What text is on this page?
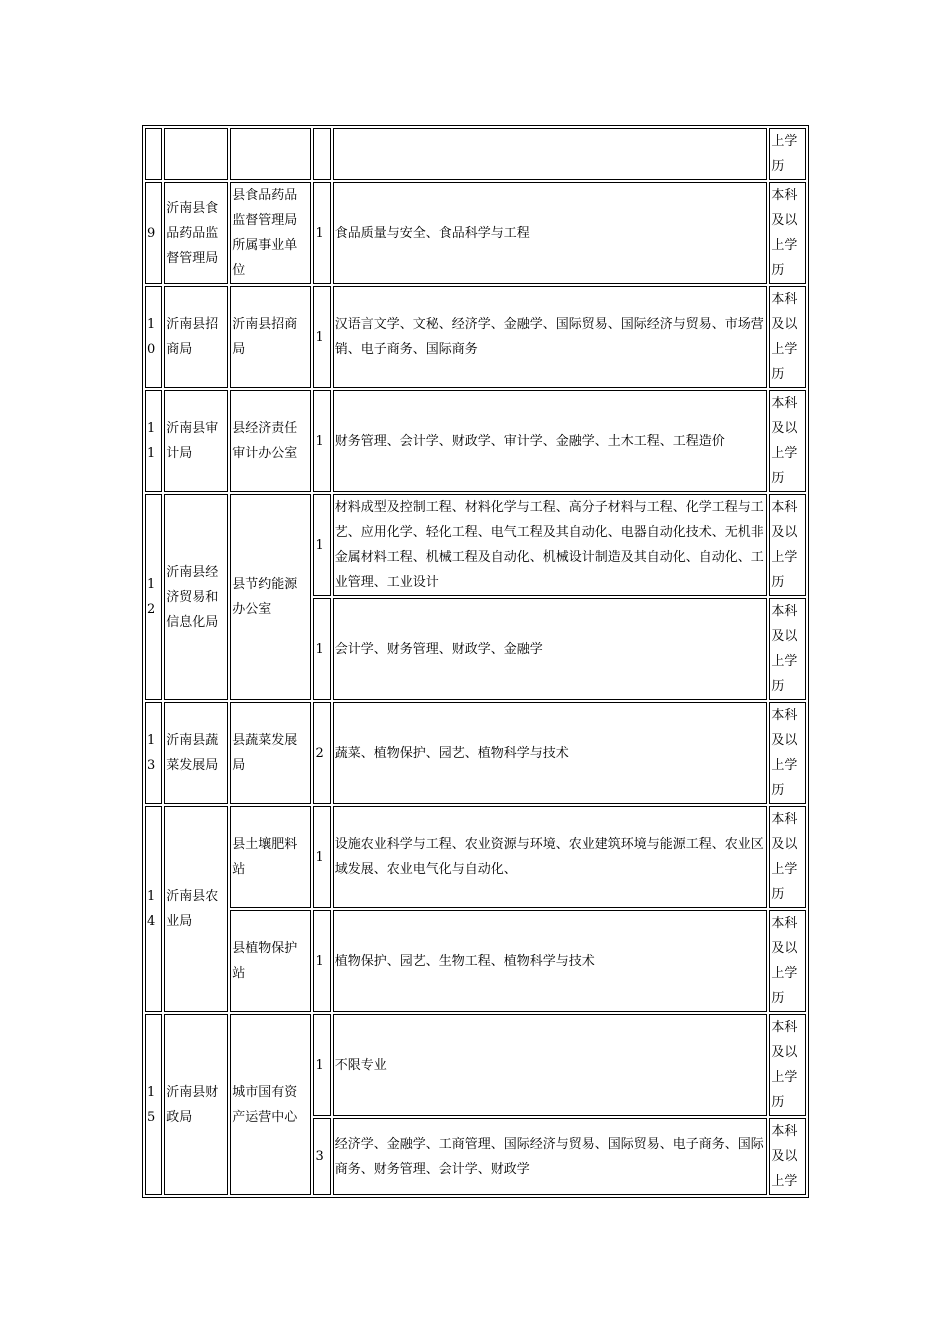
					上学历
9	沂南县食品药品监督管理局	县食品药品监督管理局所属事业单位	1	食品质量与安全、食品科学与工程	本科及以上学历
10	沂南县招商局	沂南县招商局	1	汉语言文学、文秘、经济学、金融学、国际贸易、国际经济与贸易、市场营销、电子商务、国际商务	本科及以上学历
11	沂南县审计局	县经济责任审计办公室	1	财务管理、会计学、财政学、审计学、金融学、土木工程、工程造价	本科及以上学历
12	沂南县经济贸易和信息化局	县节约能源办公室	1	材料成型及控制工程、材料化学与工程、高分子材料与工程、化学工程与工艺、应用化学、轻化工程、电气工程及其自动化、电器自动化技术、无机非金属材料工程、机械工程及自动化、机械设计制造及其自动化、自动化、工业管理、工业设计	本科及以上学历
			1	会计学、财务管理、财政学、金融学	本科及以上学历
13	沂南县蔬菜发展局	县蔬菜发展局	2	蔬菜、植物保护、园艺、植物科学与技术	本科及以上学历
14	沂南县农业局	县土壤肥料站	1	设施农业科学与工程、农业资源与环境、农业建筑环境与能源工程、农业区域发展、农业电气化与自动化、	本科及以上学历
		县植物保护站	1	植物保护、园艺、生物工程、植物科学与技术	本科及以上学历
15	沂南县财政局	城市国有资产运营中心	1	不限专业	本科及以上学历
			3	经济学、金融学、工商管理、国际经济与贸易、国际贸易、电子商务、国际商务、财务管理、会计学、财政学	本科及以上学
